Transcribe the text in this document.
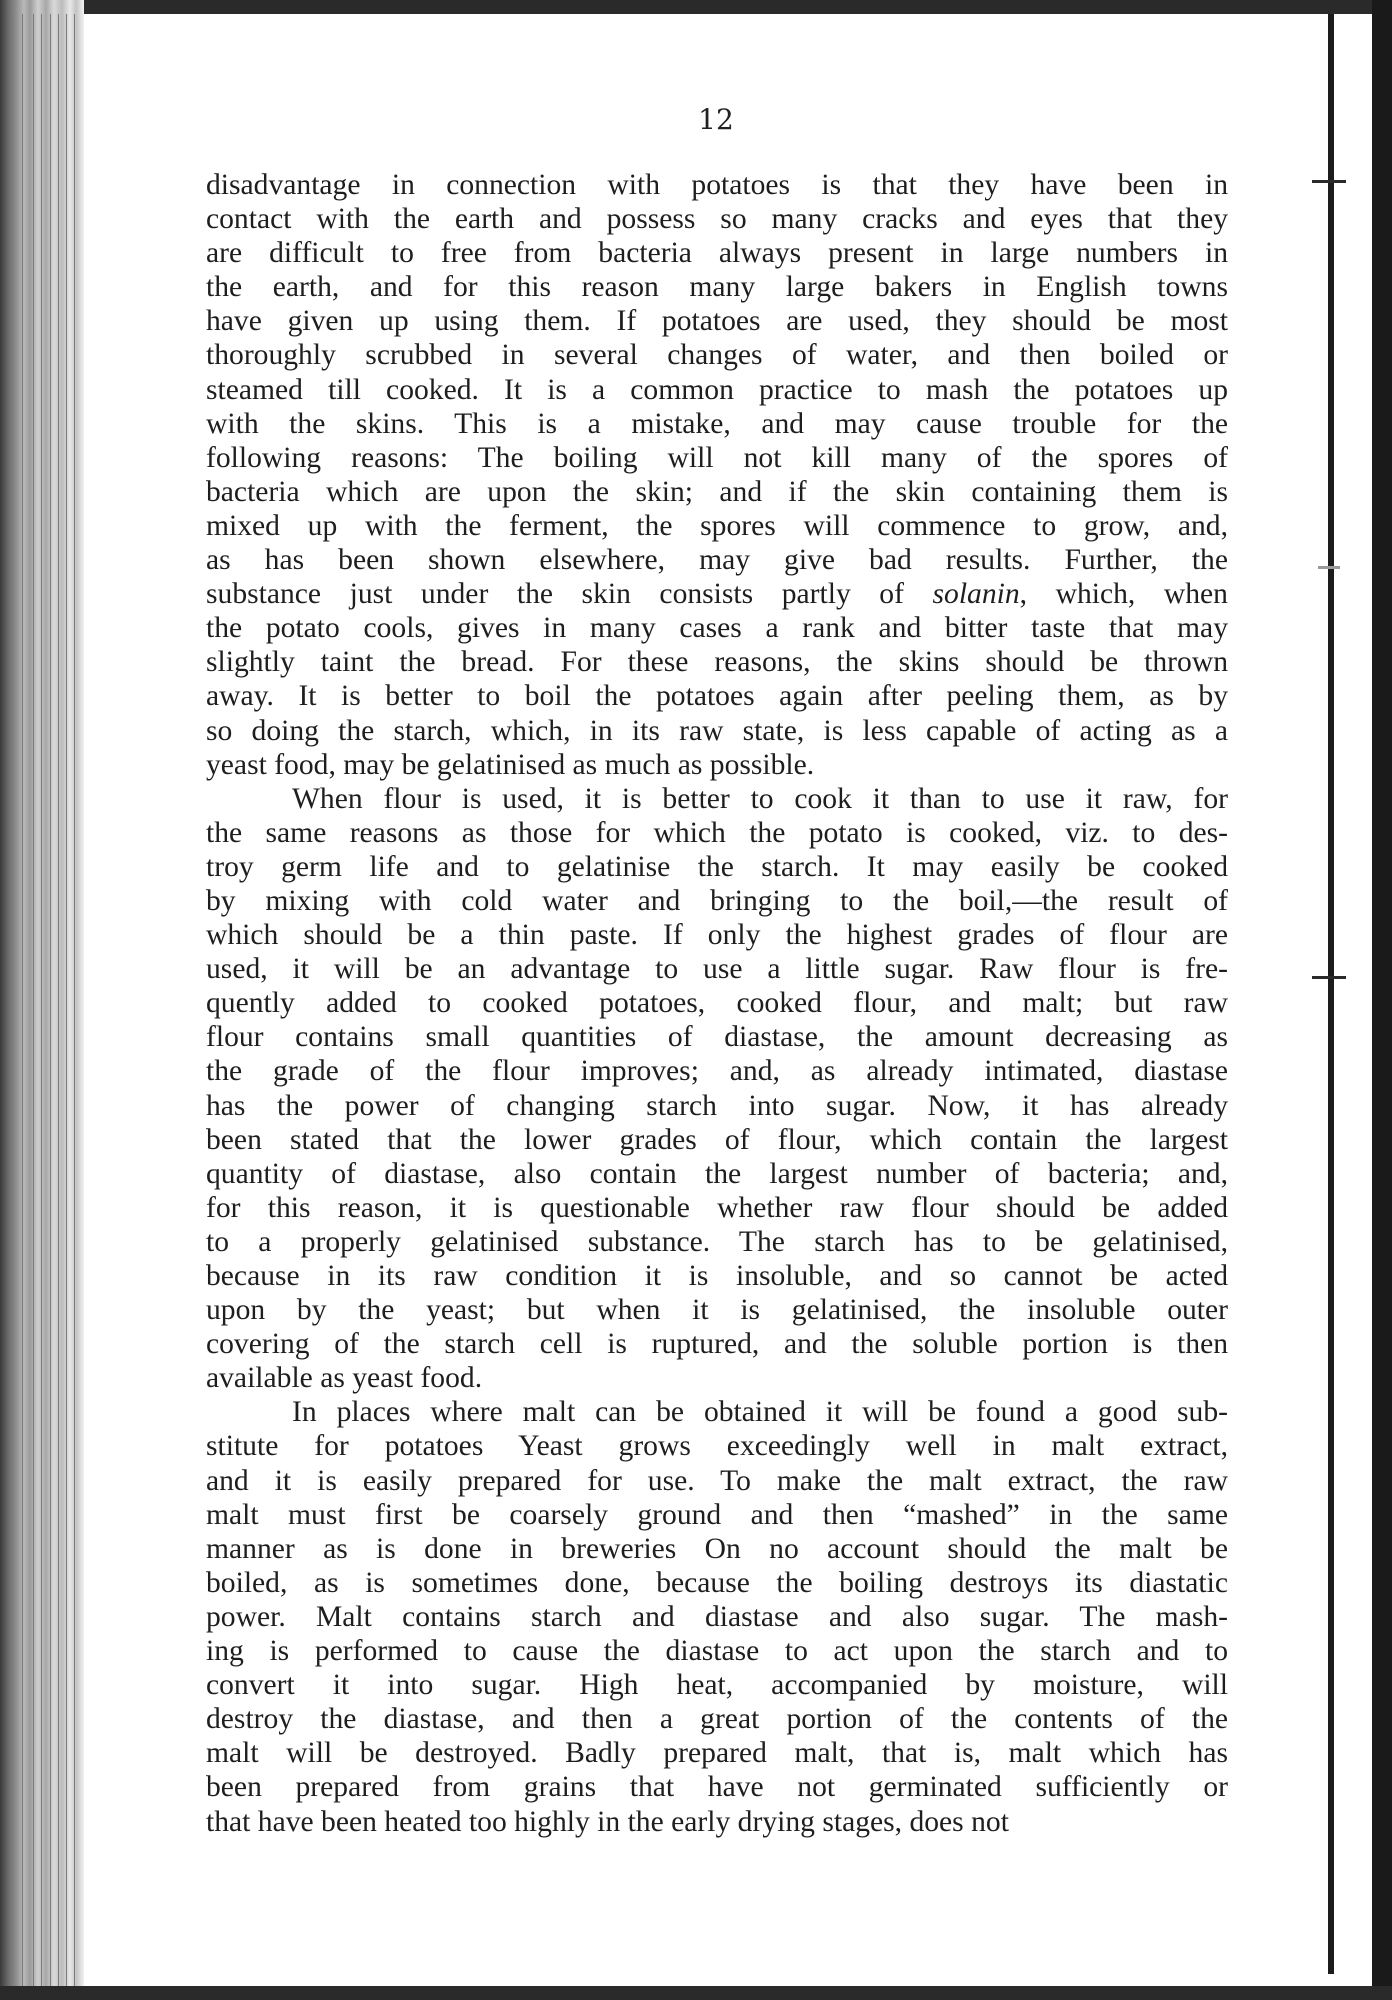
12
disadvantage in connection with potatoes is that they have been in
contact with the earth and possess so many cracks and eyes that they
are difficult to free from bacteria always present in large numbers in
the earth, and for this reason many large bakers in English towns
have given up using them. If potatoes are used, they should be most
thoroughly scrubbed in several changes of water, and then boiled or
steamed till cooked. It is a common practice to mash the potatoes up
with the skins. This is a mistake, and may cause trouble for the
following reasons: The boiling will not kill many of the spores of
bacteria which are upon the skin; and if the skin containing them is
mixed up with the ferment, the spores will commence to grow, and,
as has been shown elsewhere, may give bad results. Further, the
substance just under the skin consists partly of solanin, which, when
the potato cools, gives in many cases a rank and bitter taste that may
slightly taint the bread. For these reasons, the skins should be thrown
away. It is better to boil the potatoes again after peeling them, as by
so doing the starch, which, in its raw state, is less capable of acting as a
yeast food, may be gelatinised as much as possible.
When flour is used, it is better to cook it than to use it raw, for
the same reasons as those for which the potato is cooked, viz. to des-
troy germ life and to gelatinise the starch. It may easily be cooked
by mixing with cold water and bringing to the boil,—the result of
which should be a thin paste. If only the highest grades of flour are
used, it will be an advantage to use a little sugar. Raw flour is fre-
quently added to cooked potatoes, cooked flour, and malt; but raw
flour contains small quantities of diastase, the amount decreasing as
the grade of the flour improves; and, as already intimated, diastase
has the power of changing starch into sugar. Now, it has already
been stated that the lower grades of flour, which contain the largest
quantity of diastase, also contain the largest number of bacteria; and,
for this reason, it is questionable whether raw flour should be added
to a properly gelatinised substance. The starch has to be gelatinised,
because in its raw condition it is insoluble, and so cannot be acted
upon by the yeast; but when it is gelatinised, the insoluble outer
covering of the starch cell is ruptured, and the soluble portion is then
available as yeast food.
In places where malt can be obtained it will be found a good sub-
stitute for potatoes Yeast grows exceedingly well in malt extract,
and it is easily prepared for use. To make the malt extract, the raw
malt must first be coarsely ground and then “mashed” in the same
manner as is done in breweries On no account should the malt be
boiled, as is sometimes done, because the boiling destroys its diastatic
power. Malt contains starch and diastase and also sugar. The mash-
ing is performed to cause the diastase to act upon the starch and to
convert it into sugar. High heat, accompanied by moisture, will
destroy the diastase, and then a great portion of the contents of the
malt will be destroyed. Badly prepared malt, that is, malt which has
been prepared from grains that have not germinated sufficiently or
that have been heated too highly in the early drying stages, does not
